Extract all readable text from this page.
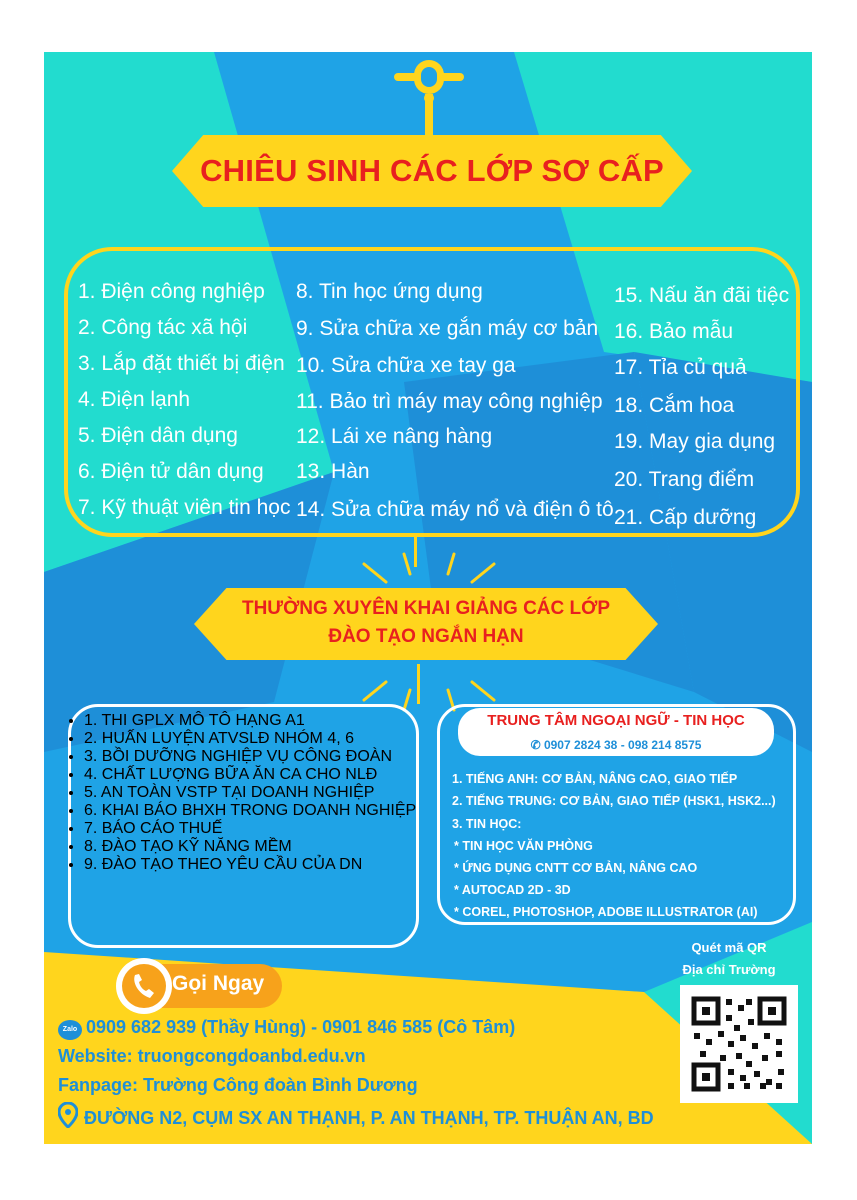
CHIÊU SINH CÁC LỚP SƠ CẤP
1. Điện công nghiệp
2. Công tác xã hội
3. Lắp đặt thiết bị điện
4. Điện lạnh
5. Điện dân dụng
6. Điện tử dân dụng
7. Kỹ thuật viên tin học
8. Tin học ứng dụng
9. Sửa chữa xe gắn máy cơ bản
10. Sửa chữa xe tay ga
11. Bảo trì máy may công nghiệp
12. Lái xe nâng hàng
13. Hàn
14. Sửa chữa máy nổ và điện ô tô
15. Nấu ăn đãi tiệc
16. Bảo mẫu
17. Tỉa củ quả
18. Cắm hoa
19. May gia dụng
20. Trang điểm
21. Cấp dưỡng
THƯỜNG XUYÊN KHAI GIẢNG CÁC LỚP
ĐÀO TẠO NGẮN HẠN
• 1. THI GPLX MÔ TÔ HẠNG A1
• 2. HUẤN LUYỆN ATVSLĐ NHÓM 4, 6
• 3. BỒI DƯỠNG NGHIỆP VỤ CÔNG ĐOÀN
• 4. CHẤT LƯỢNG BỮA ĂN CA CHO NLĐ
• 5. AN TOÀN VSTP TẠI DOANH NGHIỆP
• 6. KHAI BÁO BHXH TRONG DOANH NGHIỆP
• 7. BÁO CÁO THUẾ
• 8. ĐÀO TẠO KỸ NĂNG MỀM
• 9. ĐÀO TẠO THEO YÊU CẦU CỦA DN
TRUNG TÂM NGOẠI NGỮ - TIN HỌC
✆ 0907 2824 38 - 098 214 8575
1. TIẾNG ANH: CƠ BẢN, NÂNG CAO, GIAO TIẾP
2. TIẾNG TRUNG: CƠ BẢN, GIAO TIẾP (HSK1, HSK2...)
3. TIN HỌC:
* TIN HỌC VĂN PHÒNG
* ỨNG DỤNG CNTT CƠ BẢN, NÂNG CAO
* AUTOCAD 2D - 3D
* COREL, PHOTOSHOP, ADOBE ILLUSTRATOR (AI)
Quét mã QR
Địa chỉ Trường
Gọi Ngay
Zalo 0909 682 939 (Thầy Hùng) - 0901 846 585 (Cô Tâm)
Website: truongcongdoanbd.edu.vn
Fanpage: Trường Công đoàn Bình Dương
ĐƯỜNG N2, CỤM SX AN THẠNH, P. AN THẠNH, TP. THUẬN AN, BD
